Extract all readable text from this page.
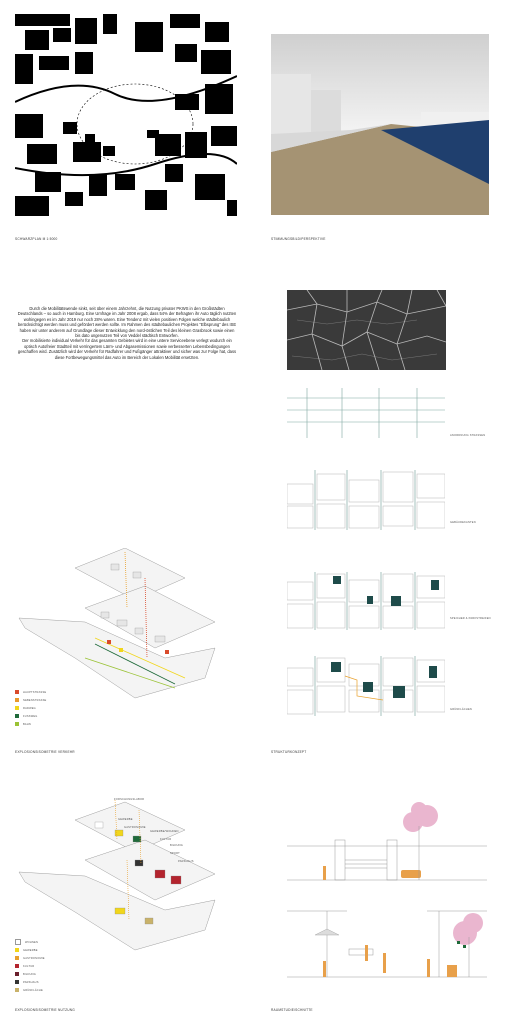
SCHWARZPLAN M 1:5000	STIMMUNGSBILD/PERSPEKTIVE

Durch die Mobilitätswende sinkt, seit über einem Jahrzehnt, die Nutzung privater PKWS in den Großstädten Deutschlands – so auch in Hamburg. Eine Umfrage im Jahr 2008 ergab, dass 54% der Befragten ihr Auto täglich nutzten wohingegen es im Jahr 2019 nur noch 28% waren. Eine Tendenz mit vielen positiven Folgen welche städtebaulich berücksichtigt werden muss und gefördert werden sollte. Im Rahmen des städtebaulichen Projektes “Elbsprung” des ISE haben wir unter anderem auf Grundlage dieser Entwicklung den nord-östlichen Teil des kleinen Grasbrook sowie einen bis dato ungenutzen Teil von Veddel städtisch Entworfen.

Der mobilisierte individual Verkehr für das gesamten Gebietes wird in eine untere Serviceebene verlegt wodurch ein optisch Autofreier Stadtteil mit verringertem Lärm- und Abgasemissionen sowie verbesserten Lebensbedingungen geschaffen wird. Zusätzlich wird der Verkehr für Radfahrer und Fußgänger attraktiver und sicher was zur Folge hat, dass diese Fortbewegungsmittel das Auto im Bereich der Lokalen Mobilität ersetzten.

ANORDNUNG STRASSEN
GEBÄUDEKANTEN
SPEICHER & PARKSTREIFEN
GRÜNFLÄCHEN
HAUPTSTRASSE
NEBENSTRASSE
RADWEG
FUSSWEG
BAHN
EXPLOSIONSISOMETRIE VERKEHR	STRUKTURKONZEPT
FORSCHUNGSLABOR
GEWERBE
GASTRONOMIE
GEWERBE/WOHNEN
KULTUR
BILDUNG
SPORT
PARKHAUS
WOHNEN
GEWERBE
GASTRONOMIE
KULTUR
BILDUNG
PARKHAUS
GRÜNFLÄCHE
EXPLOSIONSISOMETRIE NUTZUNG	RAUMSTUDIE/SCHNITTE
